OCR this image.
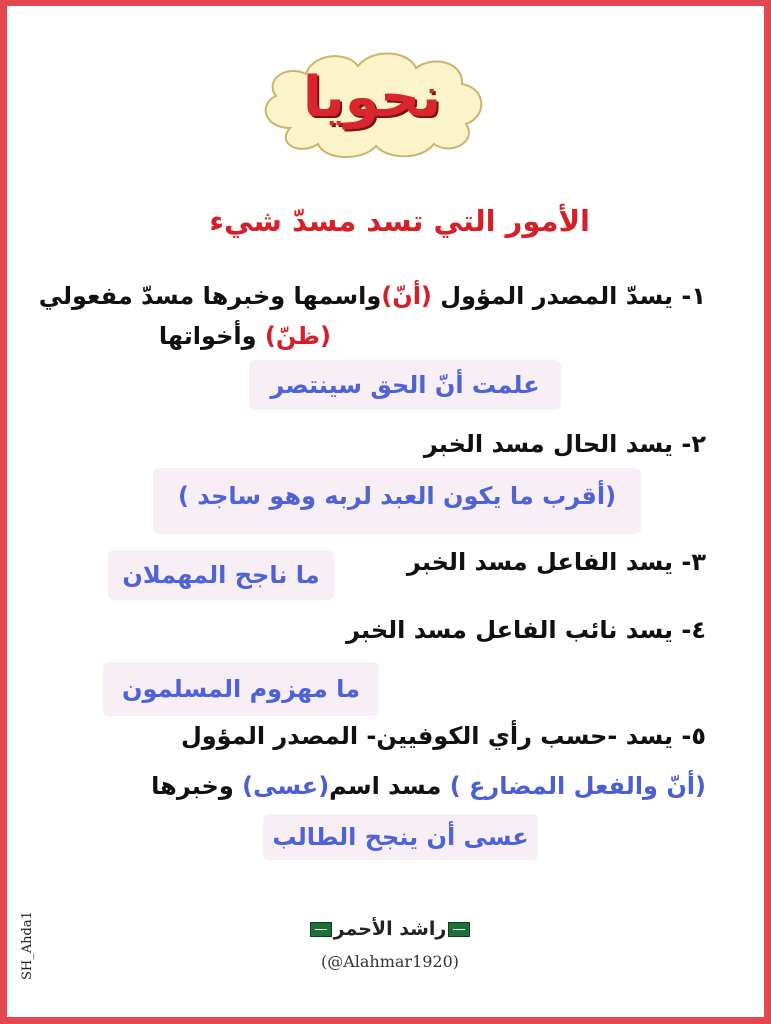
نحويا
الأمور التي تسد مسدّ شيء
١- يسدّ المصدر المؤول (أنّ)واسمها وخبرها مسدّ مفعولي
(ظنّ) وأخواتها
علمت أنّ الحق سينتصر
٢- يسد الحال مسد الخبر
(أقرب ما يكون العبد لربه وهو ساجد )
٣- يسد الفاعل مسد الخبر
ما ناجح المهملان
٤- يسد نائب الفاعل مسد الخبر
ما مهزوم المسلمون
٥- يسد -حسب رأي الكوفيين- المصدر المؤول
(أنّ والفعل المضارع ) مسد اسم(عسى) وخبرها
عسى أن ينجح الطالب
راشد الأحمر
(@Alahmar1920)
SH_Ahda1
